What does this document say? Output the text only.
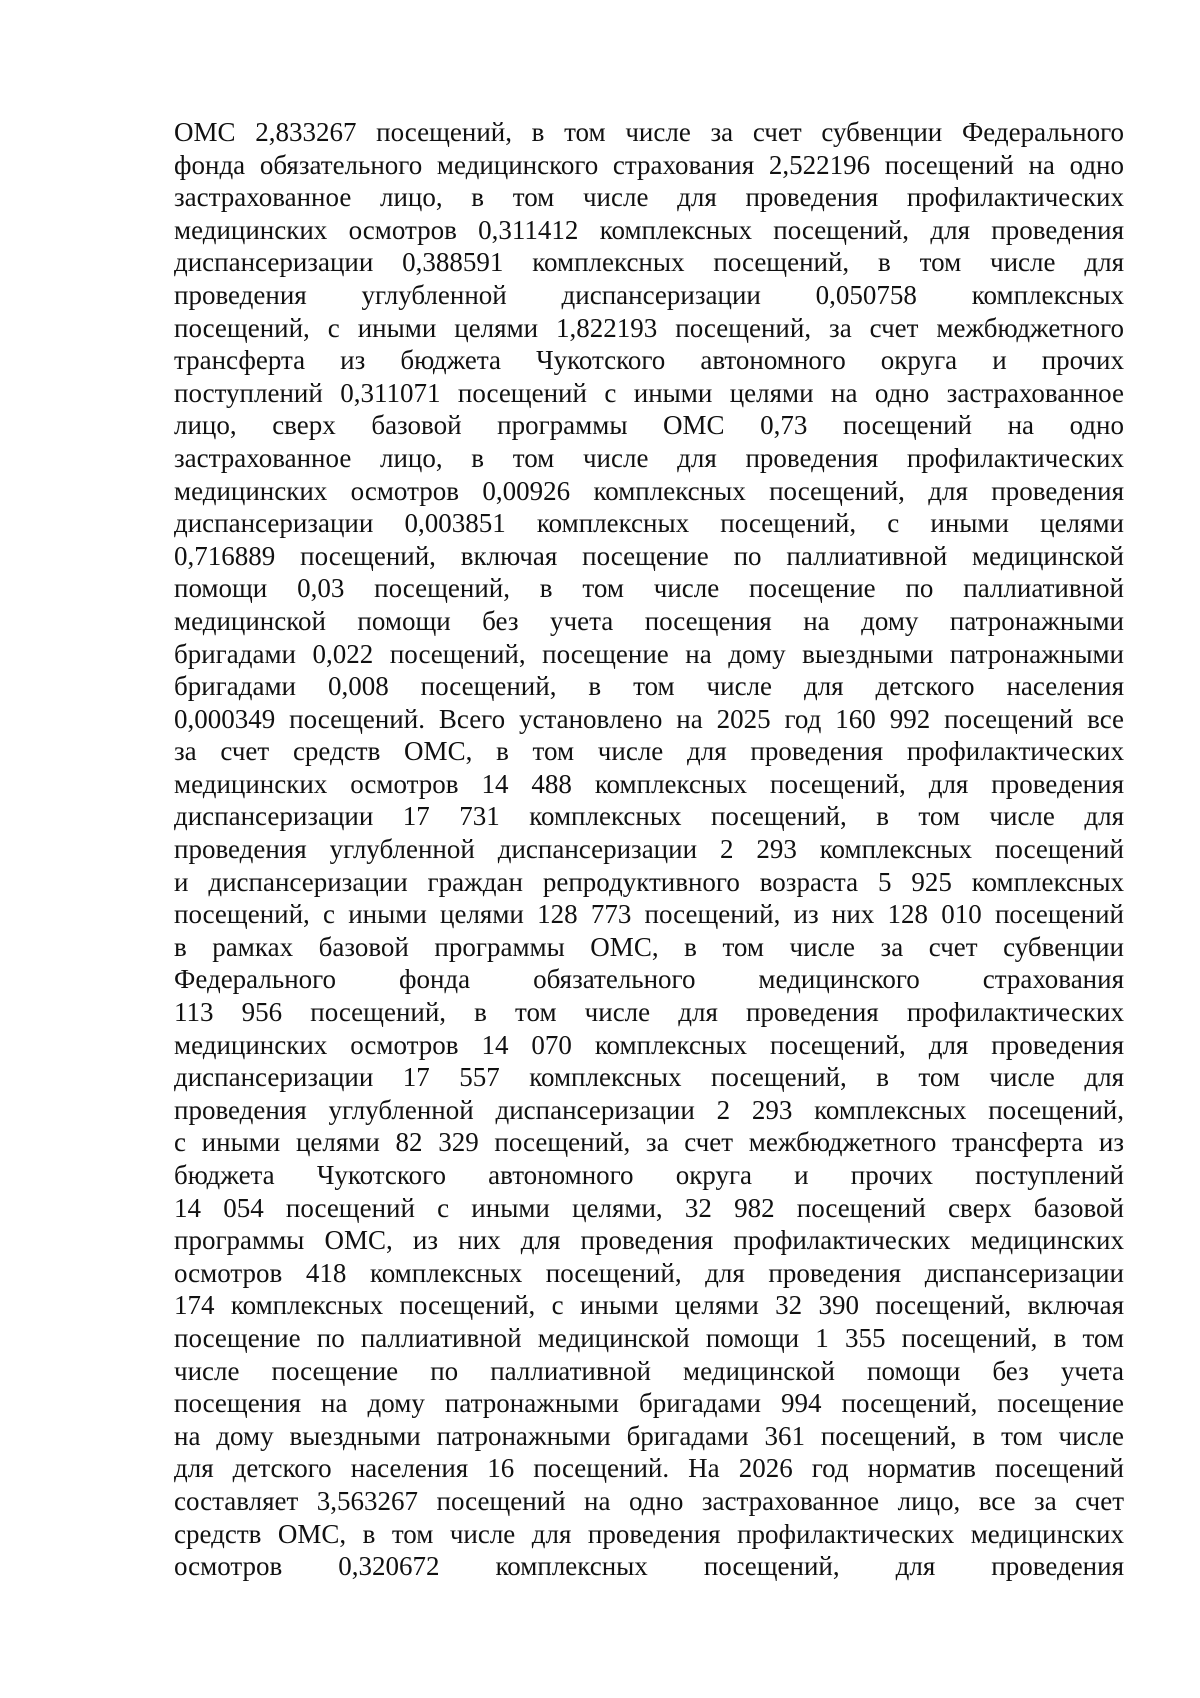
ОМС 2,833267 посещений, в том числе за счет субвенции Федерального
фонда обязательного медицинского страхования 2,522196 посещений на одно
застрахованное лицо, в том числе для проведения профилактических
медицинских осмотров 0,311412 комплексных посещений, для проведения
диспансеризации 0,388591 комплексных посещений, в том числе для
проведения углубленной диспансеризации 0,050758 комплексных
посещений, с иными целями 1,822193 посещений, за счет межбюджетного
трансферта из бюджета Чукотского автономного округа и прочих
поступлений 0,311071 посещений с иными целями на одно застрахованное
лицо, сверх базовой программы ОМС 0,73 посещений на одно
застрахованное лицо, в том числе для проведения профилактических
медицинских осмотров 0,00926 комплексных посещений, для проведения
диспансеризации 0,003851 комплексных посещений, с иными целями
0,716889 посещений, включая посещение по паллиативной медицинской
помощи 0,03 посещений, в том числе посещение по паллиативной
медицинской помощи без учета посещения на дому патронажными
бригадами 0,022 посещений, посещение на дому выездными патронажными
бригадами 0,008 посещений, в том числе для детского населения
0,000349 посещений. Всего установлено на 2025 год 160 992 посещений все
за счет средств ОМС, в том числе для проведения профилактических
медицинских осмотров 14 488 комплексных посещений, для проведения
диспансеризации 17 731 комплексных посещений, в том числе для
проведения углубленной диспансеризации 2 293 комплексных посещений
и диспансеризации граждан репродуктивного возраста 5 925 комплексных
посещений, с иными целями 128 773 посещений, из них 128 010 посещений
в рамках базовой программы ОМС, в том числе за счет субвенции
Федерального фонда обязательного медицинского страхования
113 956 посещений, в том числе для проведения профилактических
медицинских осмотров 14 070 комплексных посещений, для проведения
диспансеризации 17 557 комплексных посещений, в том числе для
проведения углубленной диспансеризации 2 293 комплексных посещений,
с иными целями 82 329 посещений, за счет межбюджетного трансферта из
бюджета Чукотского автономного округа и прочих поступлений
14 054 посещений с иными целями, 32 982 посещений сверх базовой
программы ОМС, из них для проведения профилактических медицинских
осмотров 418 комплексных посещений, для проведения диспансеризации
174 комплексных посещений, с иными целями 32 390 посещений, включая
посещение по паллиативной медицинской помощи 1 355 посещений, в том
числе посещение по паллиативной медицинской помощи без учета
посещения на дому патронажными бригадами 994 посещений, посещение
на дому выездными патронажными бригадами 361 посещений, в том числе
для детского населения 16 посещений. На 2026 год норматив посещений
составляет 3,563267 посещений на одно застрахованное лицо, все за счет
средств ОМС, в том числе для проведения профилактических медицинских
осмотров 0,320672 комплексных посещений, для проведения
